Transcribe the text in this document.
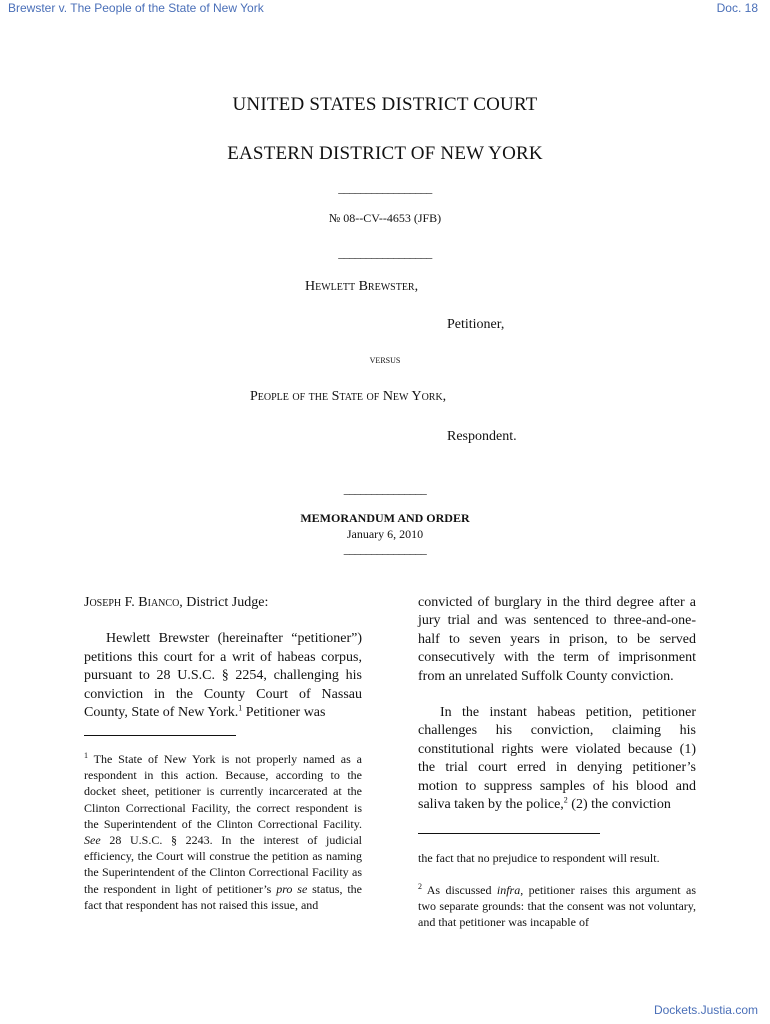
Brewster v. The People of the State of New York	Doc. 18
UNITED STATES DISTRICT COURT
EASTERN DISTRICT OF NEW YORK
_________________
№ 08--CV--4653 (JFB)
_________________
Hewlett Brewster,
Petitioner,
versus
People of the State of New York,
Respondent.
_______________
MEMORANDUM AND ORDER
January 6, 2010
_______________

Joseph F. Bianco, District Judge:

Hewlett Brewster (hereinafter “petitioner”) petitions this court for a writ of habeas corpus, pursuant to 28 U.S.C. § 2254, challenging his conviction in the County Court of Nassau County, State of New York.$^1$ Petitioner was

$^1$ The State of New York is not properly named as a respondent in this action. Because, according to the docket sheet, petitioner is currently incarcerated at the Clinton Correctional Facility, the correct respondent is the Superintendent of the Clinton Correctional Facility. See 28 U.S.C. § 2243. In the interest of judicial efficiency, the Court will construe the petition as naming the Superintendent of the Clinton Correctional Facility as the respondent in light of petitioner’s pro se status, the fact that respondent has not raised this issue, and

convicted of burglary in the third degree after a jury trial and was sentenced to three-and-one-half to seven years in prison, to be served consecutively with the term of imprisonment from an unrelated Suffolk County conviction.

In the instant habeas petition, petitioner challenges his conviction, claiming his constitutional rights were violated because (1) the trial court erred in denying petitioner’s motion to suppress samples of his blood and saliva taken by the police,$^2$ (2) the conviction

the fact that no prejudice to respondent will result.

$^2$ As discussed infra, petitioner raises this argument as two separate grounds: that the consent was not voluntary, and that petitioner was incapable of

Dockets.Justia.com
